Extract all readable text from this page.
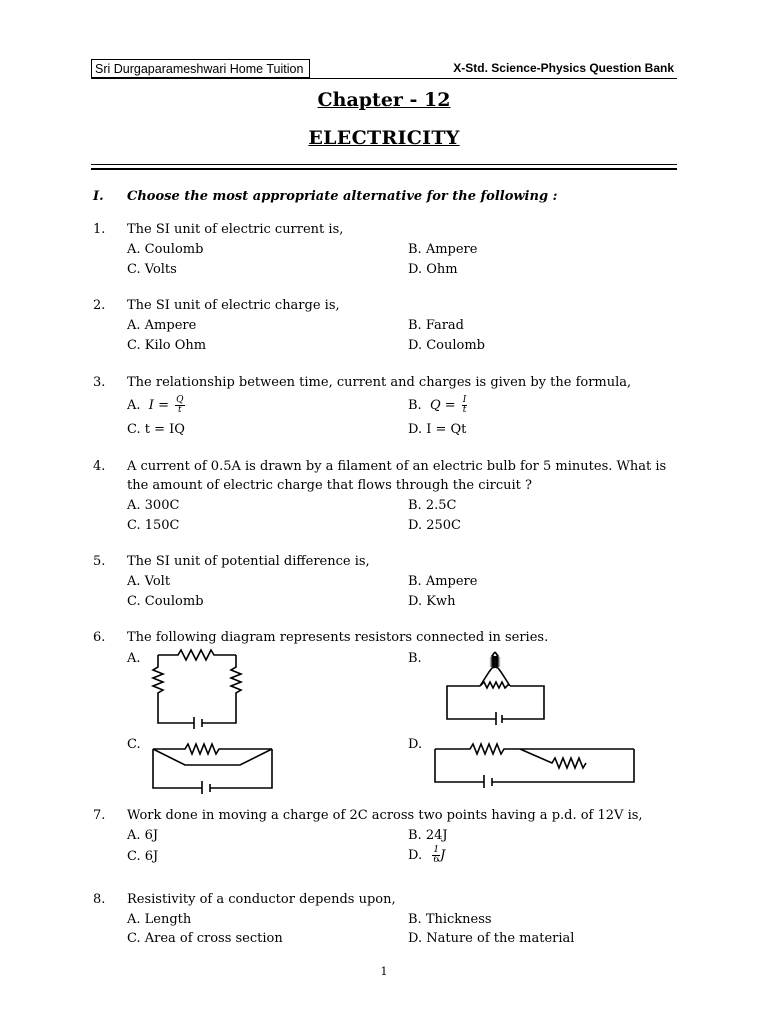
Sri Durgaparameshwari Home Tuition	X-Std. Science-Physics Question Bank
Chapter - 12
ELECTRICITY
I. Choose the most appropriate alternative for the following :
1. The SI unit of electric current is,
A. Coulomb	B. Ampere
C. Volts	D. Ohm
2. The SI unit of electric charge is,
A. Ampere	B. Farad
C. Kilo Ohm	D. Coulomb
3. The relationship between time, current and charges is given by the formula,
A. $I = \frac{Q}{t}$	B. $Q = \frac{I}{t}$
C. t = IQ	D. I = Qt
4. A current of 0.5A is drawn by a filament of an electric bulb for 5 minutes. What is
the amount of electric charge that flows through the circuit ?
A. 300C	B. 2.5C
C. 150C	D. 250C
5. The SI unit of potential difference is,
A. Volt	B. Ampere
C. Coulomb	D. Kwh
6. The following diagram represents resistors connected in series.
A.	B.
C.	D.
7. Work done in moving a charge of 2C across two points having a p.d. of 12V is,
A. 6J	B. 24J
C. 6J	D. $\frac{1}{6}$ J
8. Resistivity of a conductor depends upon,
A. Length	B. Thickness
C. Area of cross section	D. Nature of the material
1
